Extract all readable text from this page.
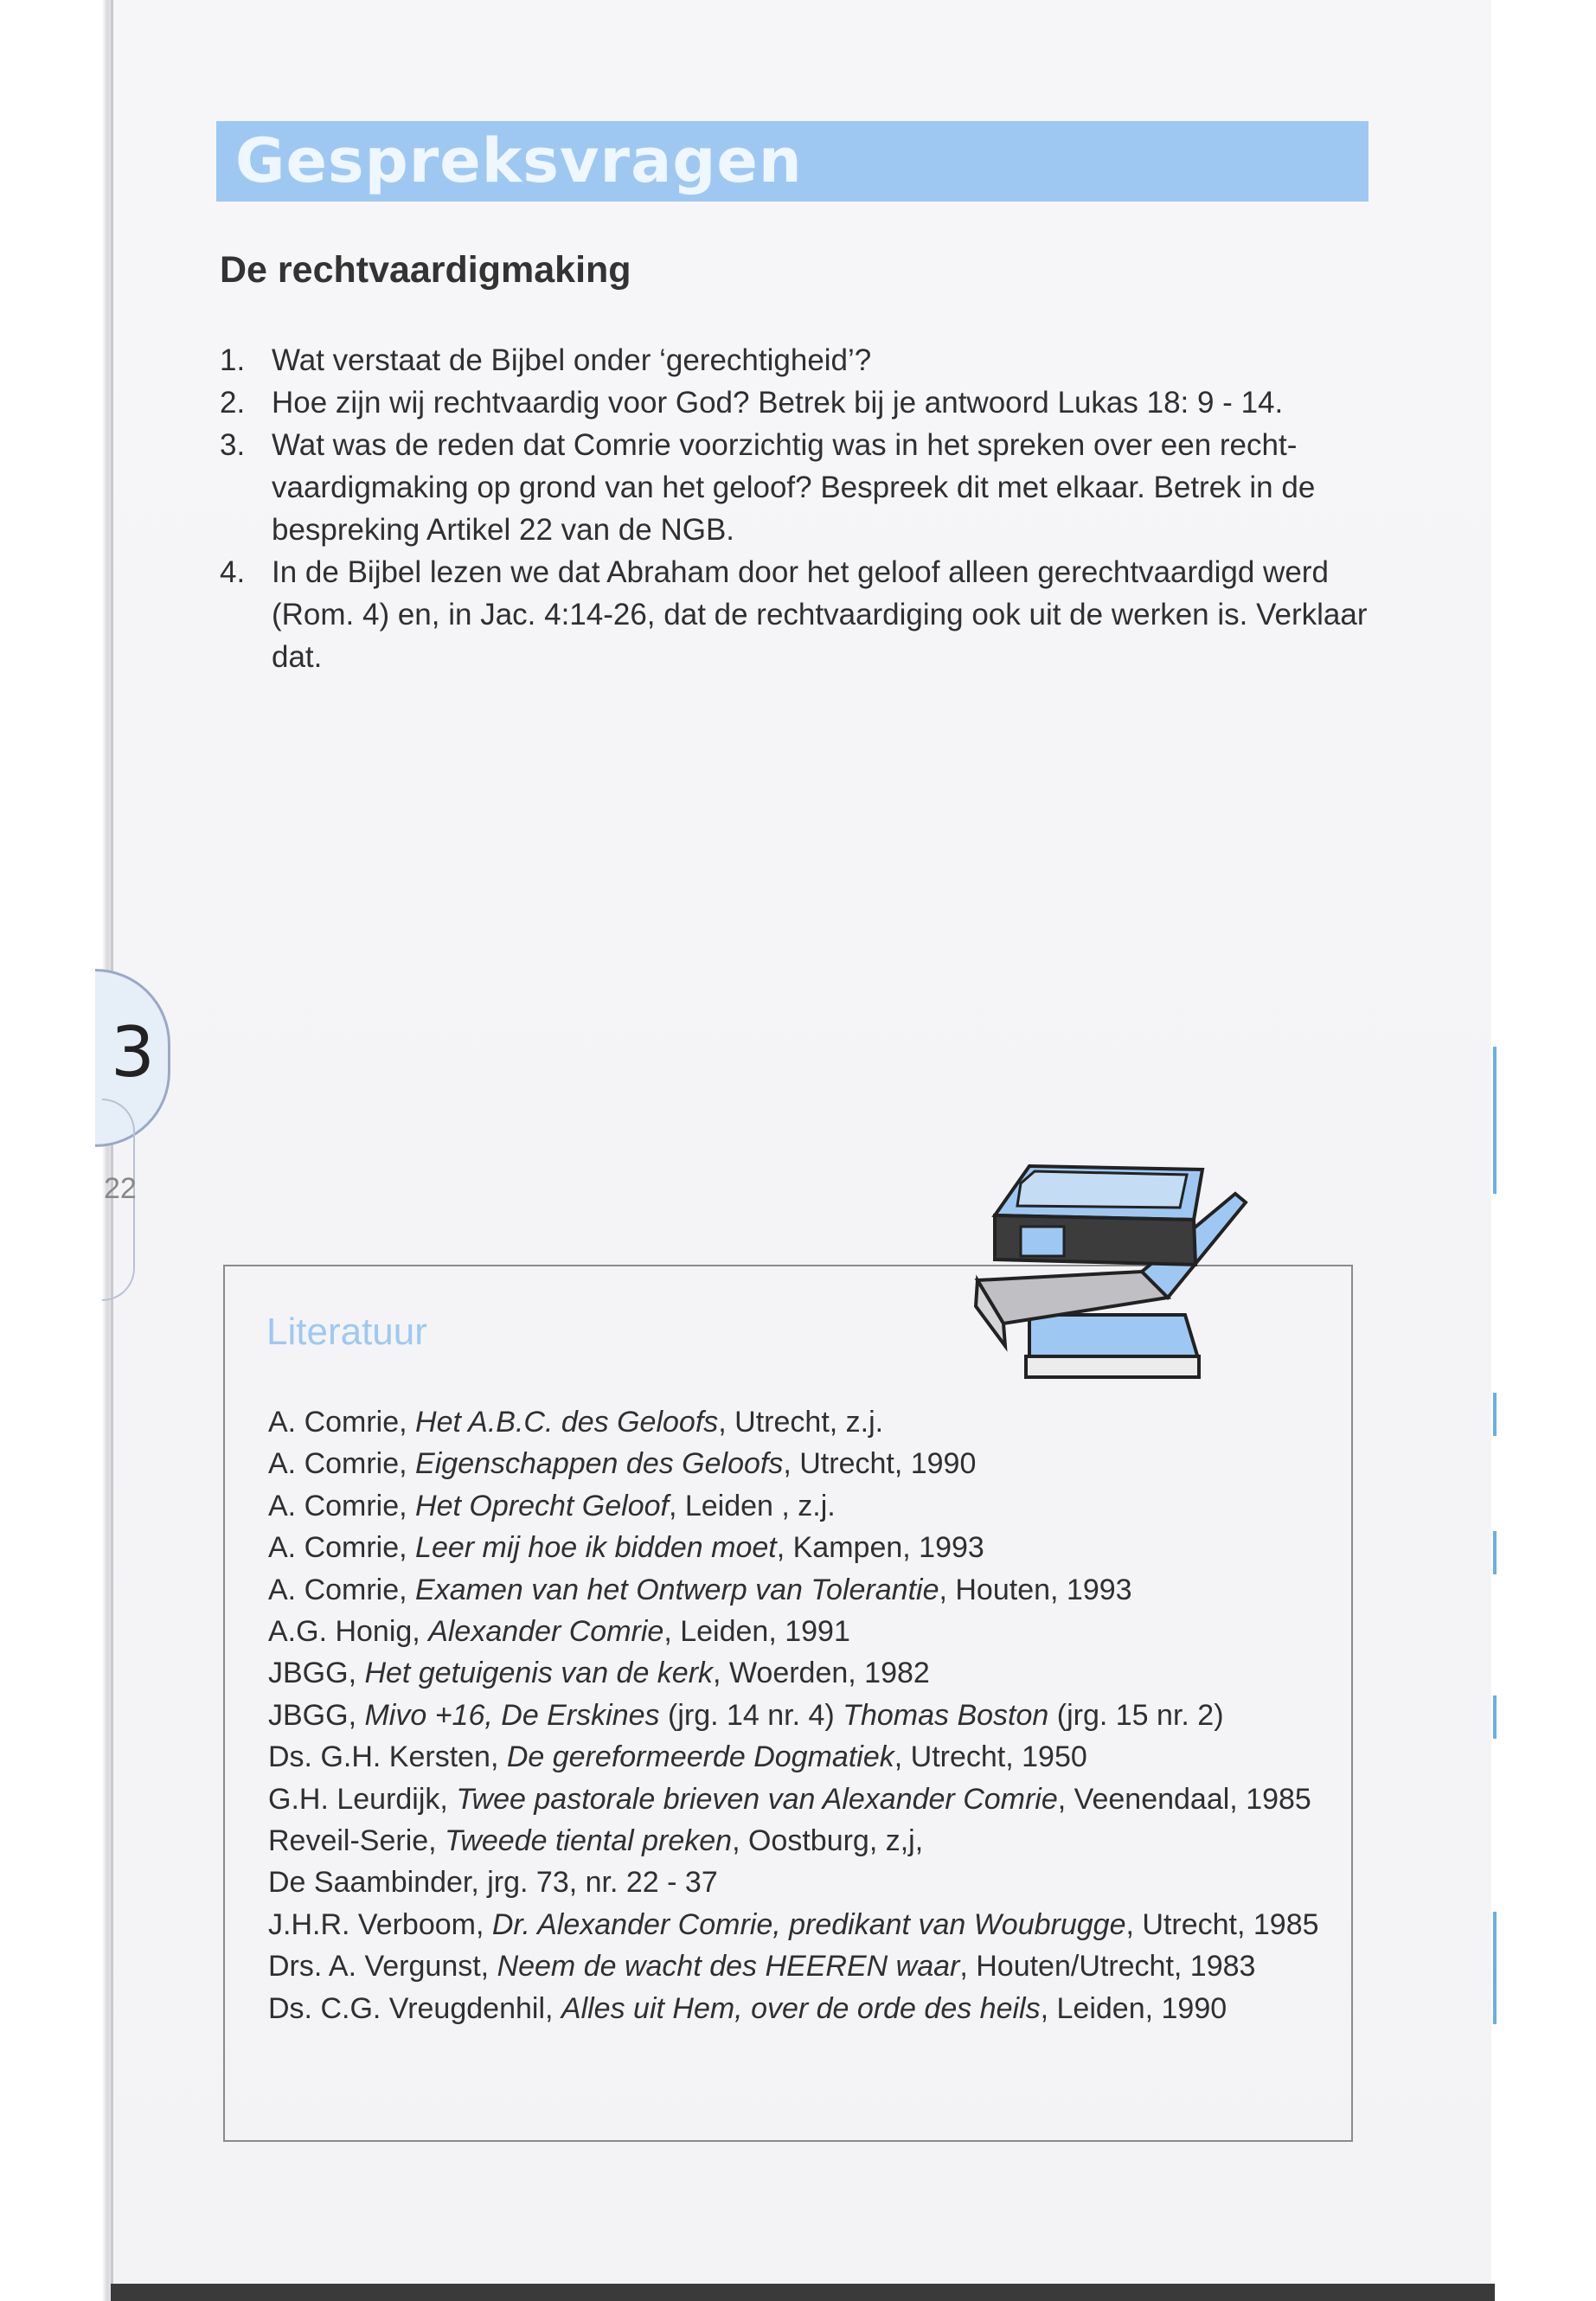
Gespreksvragen
De rechtvaardigmaking
1. Wat verstaat de Bijbel onder ‘gerechtigheid’?
2. Hoe zijn wij rechtvaardig voor God? Betrek bij je antwoord Lukas 18: 9 - 14.
3. Wat was de reden dat Comrie voorzichtig was in het spreken over een recht-vaardigmaking op grond van het geloof? Bespreek dit met elkaar. Betrek in de bespreking Artikel 22 van de NGB.
4. In de Bijbel lezen we dat Abraham door het geloof alleen gerechtvaardigd werd (Rom. 4) en, in Jac. 4:14-26, dat de rechtvaardiging ook uit de werken is. Verklaar dat.
3
22
Literatuur
A. Comrie, Het A.B.C. des Geloofs, Utrecht, z.j.
A. Comrie, Eigenschappen des Geloofs, Utrecht, 1990
A. Comrie, Het Oprecht Geloof, Leiden , z.j.
A. Comrie, Leer mij hoe ik bidden moet, Kampen, 1993
A. Comrie, Examen van het Ontwerp van Tolerantie, Houten, 1993
A.G. Honig, Alexander Comrie, Leiden, 1991
JBGG, Het getuigenis van de kerk, Woerden, 1982
JBGG, Mivo +16, De Erskines (jrg. 14 nr. 4) Thomas Boston (jrg. 15 nr. 2)
Ds. G.H. Kersten, De gereformeerde Dogmatiek, Utrecht, 1950
G.H. Leurdijk, Twee pastorale brieven van Alexander Comrie, Veenendaal, 1985
Reveil-Serie, Tweede tiental preken, Oostburg, z,j,
De Saambinder, jrg. 73, nr. 22 - 37
J.H.R. Verboom, Dr. Alexander Comrie, predikant van Woubrugge, Utrecht, 1985
Drs. A. Vergunst, Neem de wacht des HEEREN waar, Houten/Utrecht, 1983
Ds. C.G. Vreugdenhil, Alles uit Hem, over de orde des heils, Leiden, 1990
